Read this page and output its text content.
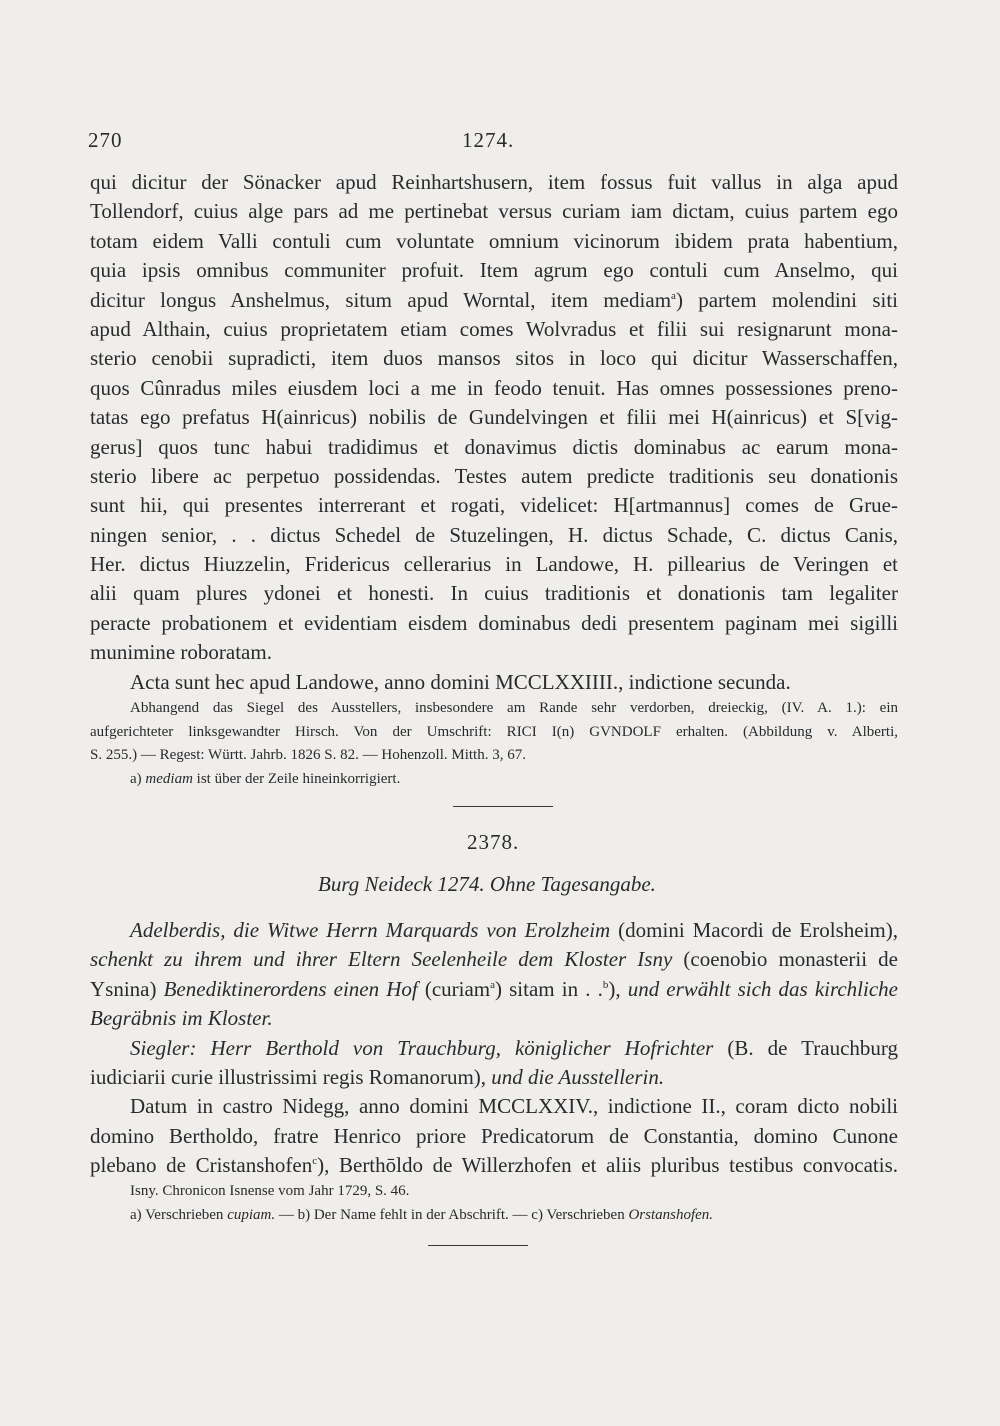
270	1274.
qui dicitur der Sönacker apud Reinhartshusern, item fossus fuit vallus in alga apud
Tollendorf, cuius alge pars ad me pertinebat versus curiam iam dictam, cuius partem ego
totam eidem Valli contuli cum voluntate omnium vicinorum ibidem prata habentium,
quia ipsis omnibus communiter profuit. Item agrum ego contuli cum Anselmo, qui
dicitur longus Anshelmus, situm apud Worntal, item mediam$^a$) partem molendini siti
apud Althain, cuius proprietatem etiam comes Wolvradus et filii sui resignarunt mona-
sterio cenobii supradicti, item duos mansos sitos in loco qui dicitur Wasserschaffen,
quos Cûnradus miles eiusdem loci a me in feodo tenuit. Has omnes possessiones preno-
tatas ego prefatus H(ainricus) nobilis de Gundelvingen et filii mei H(ainricus) et S[vig-
gerus] quos tunc habui tradidimus et donavimus dictis dominabus ac earum mona-
sterio libere ac perpetuo possidendas. Testes autem predicte traditionis seu donationis
sunt hii, qui presentes interrerant et rogati, videlicet: H[artmannus] comes de Grue-
ningen senior, . . dictus Schedel de Stuzelingen, H. dictus Schade, C. dictus Canis,
Her. dictus Hiuzzelin, Fridericus cellerarius in Landowe, H. pillearius de Veringen et
alii quam plures ydonei et honesti. In cuius traditionis et donationis tam legaliter
peracte probationem et evidentiam eisdem dominabus dedi presentem paginam mei sigilli
munimine roboratam.
Acta sunt hec apud Landowe, anno domini MCCLXXIIII., indictione secunda.
Abhangend das Siegel des Ausstellers, insbesondere am Rande sehr verdorben, dreieckig, (IV. A. 1.): ein
aufgerichteter linksgewandter Hirsch. Von der Umschrift: RICI I(n) GVNDOLF erhalten. (Abbildung v. Alberti,
S. 255.) — Regest: Württ. Jahrb. 1826 S. 82. — Hohenzoll. Mitth. 3, 67.
a) mediam ist über der Zeile hineinkorrigiert.
2378.
Burg Neideck 1274. Ohne Tagesangabe.
Adelberdis, die Witwe Herrn Marquards von Erolzheim (domini Macordi de Erolsheim),
schenkt zu ihrem und ihrer Eltern Seelenheile dem Kloster Isny (coenobio monasterii de
Ysnina) Benediktinerordens einen Hof (curiam$^a$) sitam in . .$^b$), und erwählt sich das kirchliche
Begräbnis im Kloster.
Siegler: Herr Berthold von Trauchburg, königlicher Hofrichter (B. de Trauchburg
iudiciarii curie illustrissimi regis Romanorum), und die Ausstellerin.
Datum in castro Nidegg, anno domini MCCLXXIV., indictione II., coram dicto nobili
domino Bertholdo, fratre Henrico priore Predicatorum de Constantia, domino Cunone
plebano de Cristanshofen$^c$), Berthōldo de Willerzhofen et aliis pluribus testibus convocatis.
Isny. Chronicon Isnense vom Jahr 1729, S. 46.
a) Verschrieben cupiam. — b) Der Name fehlt in der Abschrift. — c) Verschrieben Orstanshofen.
